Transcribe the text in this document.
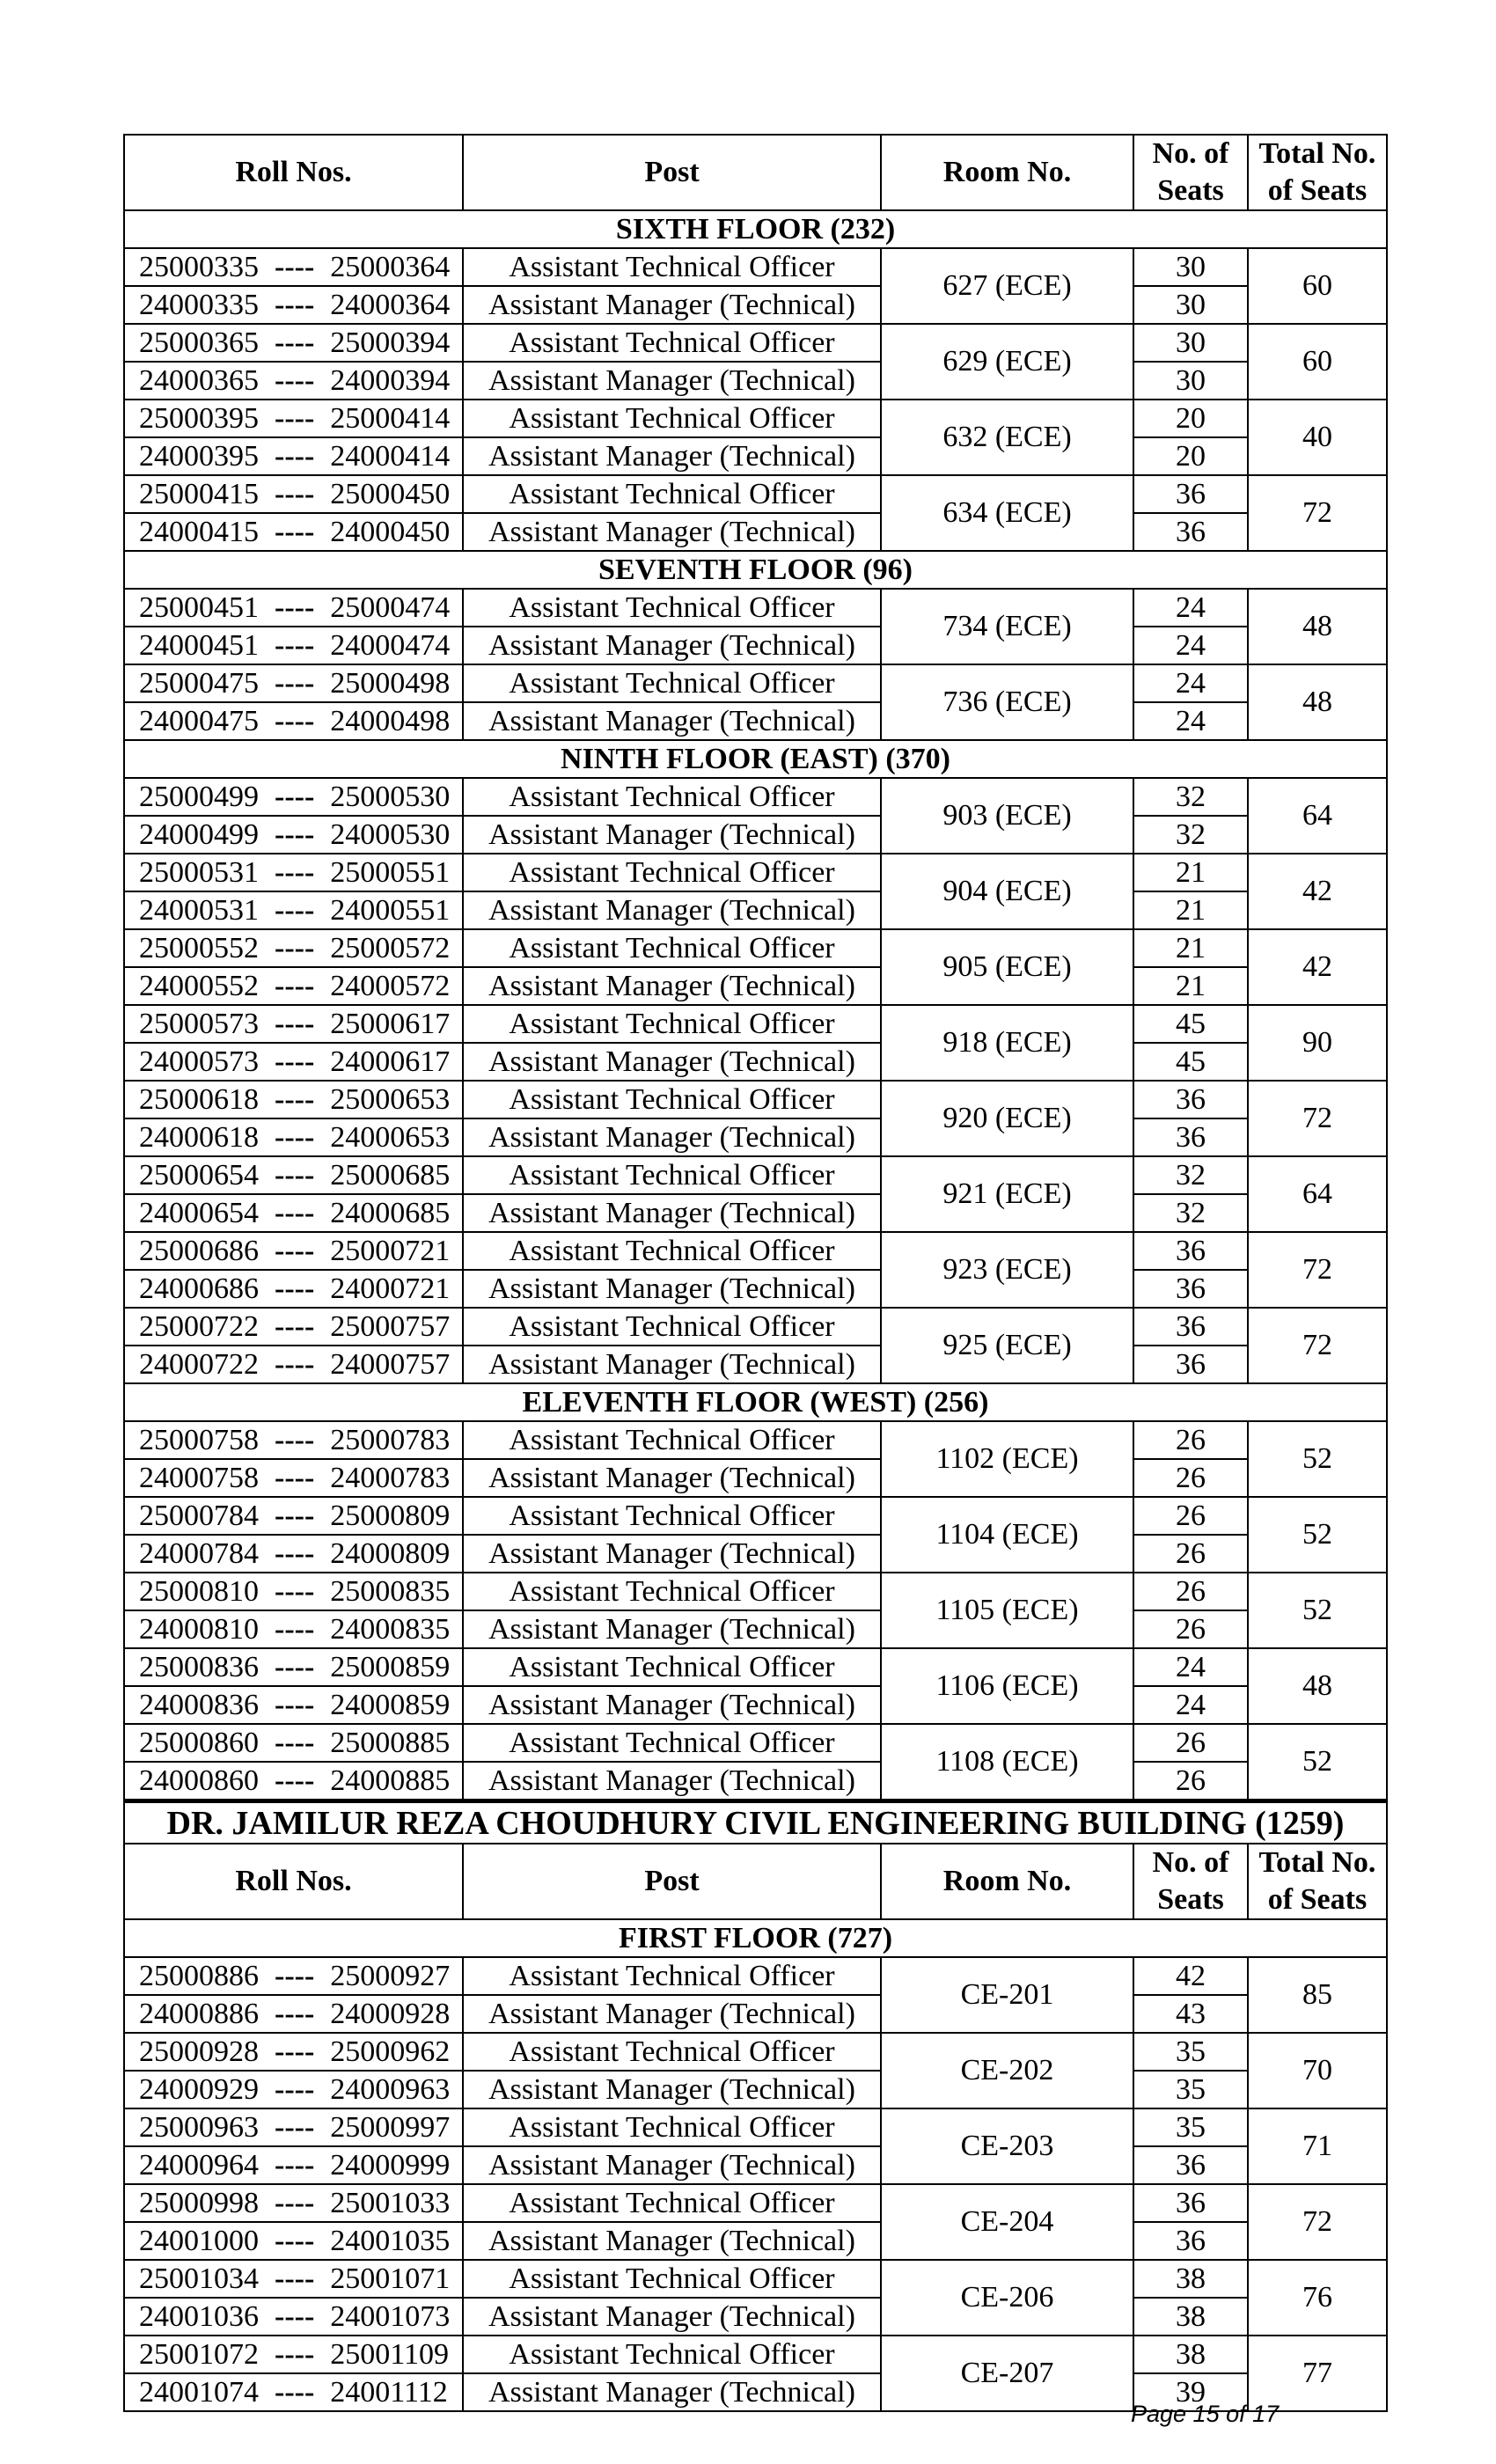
Roll Nos.	Post	Room No.	No. of Seats	Total No. of Seats
SIXTH FLOOR (232)				
25000335 ---- 25000364	Assistant Technical Officer	627 (ECE)	30	60
24000335 ---- 24000364	Assistant Manager (Technical)		30	
25000365 ---- 25000394	Assistant Technical Officer	629 (ECE)	30	60
24000365 ---- 24000394	Assistant Manager (Technical)		30	
25000395 ---- 25000414	Assistant Technical Officer	632 (ECE)	20	40
24000395 ---- 24000414	Assistant Manager (Technical)		20	
25000415 ---- 25000450	Assistant Technical Officer	634 (ECE)	36	72
24000415 ---- 24000450	Assistant Manager (Technical)		36	
SEVENTH FLOOR (96)				
25000451 ---- 25000474	Assistant Technical Officer	734 (ECE)	24	48
24000451 ---- 24000474	Assistant Manager (Technical)		24	
25000475 ---- 25000498	Assistant Technical Officer	736 (ECE)	24	48
24000475 ---- 24000498	Assistant Manager (Technical)		24	
NINTH FLOOR (EAST) (370)				
25000499 ---- 25000530	Assistant Technical Officer	903 (ECE)	32	64
24000499 ---- 24000530	Assistant Manager (Technical)		32	
25000531 ---- 25000551	Assistant Technical Officer	904 (ECE)	21	42
24000531 ---- 24000551	Assistant Manager (Technical)		21	
25000552 ---- 25000572	Assistant Technical Officer	905 (ECE)	21	42
24000552 ---- 24000572	Assistant Manager (Technical)		21	
25000573 ---- 25000617	Assistant Technical Officer	918 (ECE)	45	90
24000573 ---- 24000617	Assistant Manager (Technical)		45	
25000618 ---- 25000653	Assistant Technical Officer	920 (ECE)	36	72
24000618 ---- 24000653	Assistant Manager (Technical)		36	
25000654 ---- 25000685	Assistant Technical Officer	921 (ECE)	32	64
24000654 ---- 24000685	Assistant Manager (Technical)		32	
25000686 ---- 25000721	Assistant Technical Officer	923 (ECE)	36	72
24000686 ---- 24000721	Assistant Manager (Technical)		36	
25000722 ---- 25000757	Assistant Technical Officer	925 (ECE)	36	72
24000722 ---- 24000757	Assistant Manager (Technical)		36	
ELEVENTH FLOOR (WEST) (256)				
25000758 ---- 25000783	Assistant Technical Officer	1102 (ECE)	26	52
24000758 ---- 24000783	Assistant Manager (Technical)		26	
25000784 ---- 25000809	Assistant Technical Officer	1104 (ECE)	26	52
24000784 ---- 24000809	Assistant Manager (Technical)		26	
25000810 ---- 25000835	Assistant Technical Officer	1105 (ECE)	26	52
24000810 ---- 24000835	Assistant Manager (Technical)		26	
25000836 ---- 25000859	Assistant Technical Officer	1106 (ECE)	24	48
24000836 ---- 24000859	Assistant Manager (Technical)		24	
25000860 ---- 25000885	Assistant Technical Officer	1108 (ECE)	26	52
24000860 ---- 24000885	Assistant Manager (Technical)		26	
DR. JAMILUR REZA CHOUDHURY CIVIL ENGINEERING BUILDING (1259)				
Roll Nos.	Post	Room No.	No. of Seats	Total No. of Seats
FIRST FLOOR (727)				
25000886 ---- 25000927	Assistant Technical Officer	CE-201	42	85
24000886 ---- 24000928	Assistant Manager (Technical)		43	
25000928 ---- 25000962	Assistant Technical Officer	CE-202	35	70
24000929 ---- 24000963	Assistant Manager (Technical)		35	
25000963 ---- 25000997	Assistant Technical Officer	CE-203	35	71
24000964 ---- 24000999	Assistant Manager (Technical)		36	
25000998 ---- 25001033	Assistant Technical Officer	CE-204	36	72
24001000 ---- 24001035	Assistant Manager (Technical)		36	
25001034 ---- 25001071	Assistant Technical Officer	CE-206	38	76
24001036 ---- 24001073	Assistant Manager (Technical)		38	
25001072 ---- 25001109	Assistant Technical Officer	CE-207	38	77
24001074 ---- 24001112	Assistant Manager (Technical)		39	
Page 15 of 17
